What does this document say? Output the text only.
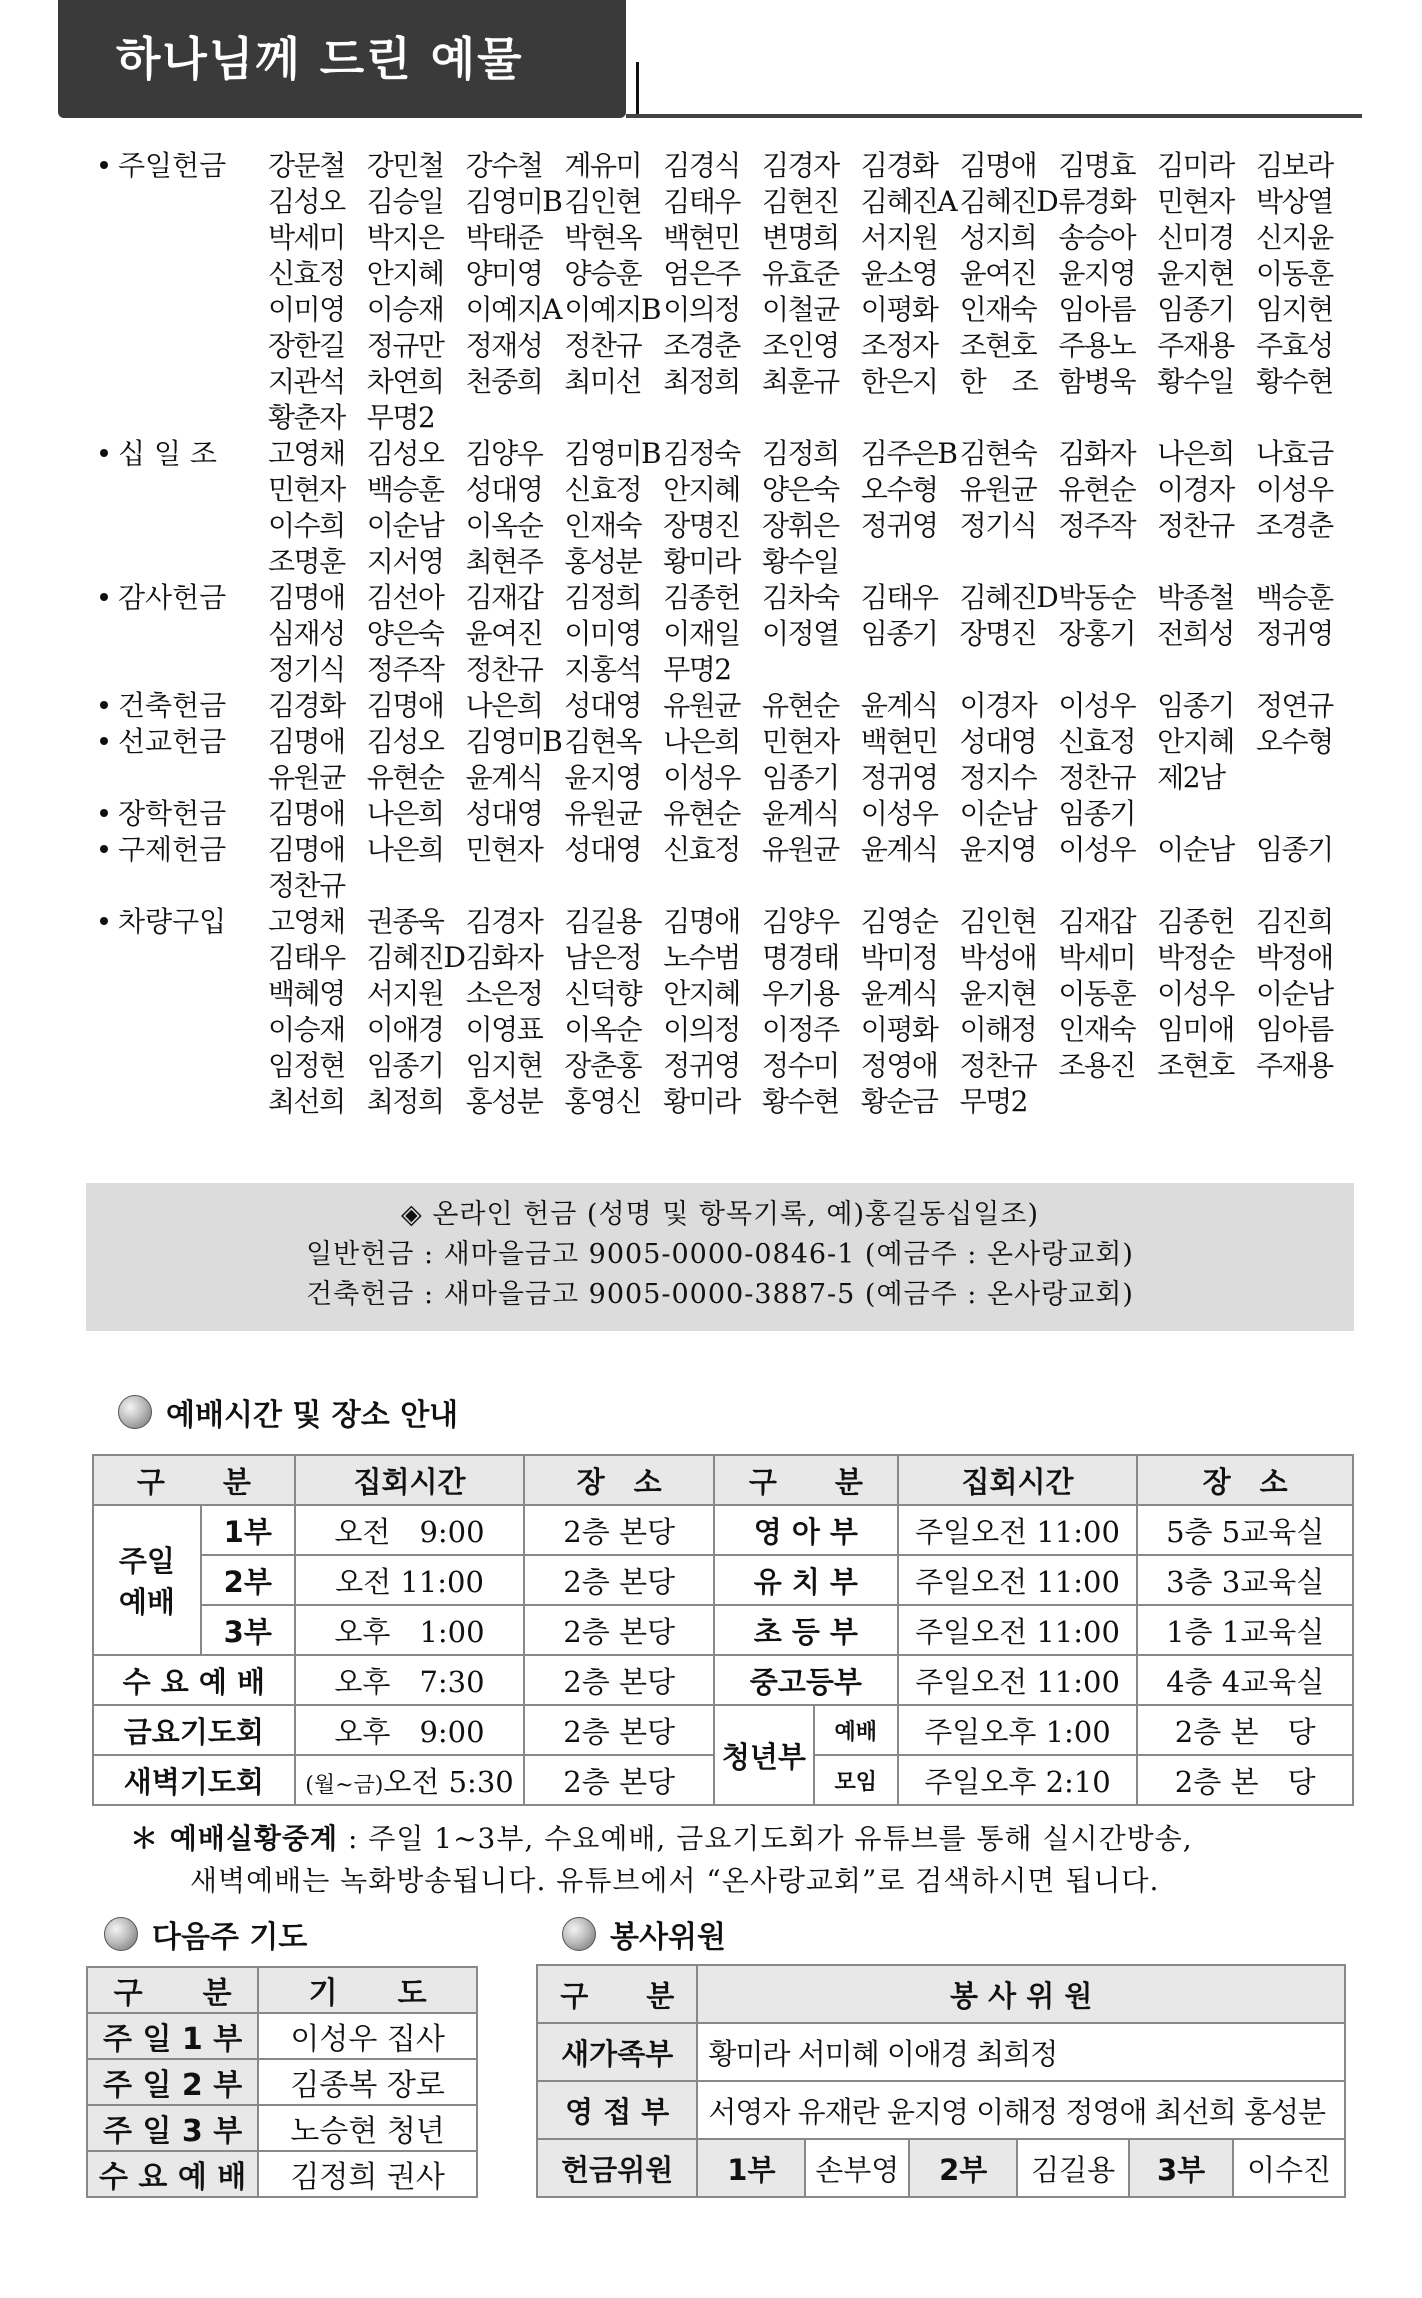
하나님께 드린 예물
주일헌금	강문철 강민철 강수철 계유미 김경식 김경자 김경화 김명애 김명효 김미라 김보라
김성오 김승일 김영미B 김인현 김태우 김현진 김혜진A 김혜진D 류경화 민현자 박상열
박세미 박지은 박태준 박현옥 백현민 변명희 서지원 성지희 송승아 신미경 신지윤
신효정 안지혜 양미영 양승훈 엄은주 유효준 윤소영 윤여진 윤지영 윤지현 이동훈
이미영 이승재 이예지A 이예지B 이의정 이철균 이평화 인재숙 임아름 임종기 임지현
장한길 정규만 정재성 정찬규 조경춘 조인영 조정자 조현호 주용노 주재용 주효성
지관석 차연희 천중희 최미선 최정희 최훈규 한은지 한　조 함병욱 황수일 황수현
황춘자 무명2
십 일 조	고영채 김성오 김양우 김영미B 김정숙 김정희 김주은B 김현숙 김화자 나은희 나효금
민현자 백승훈 성대영 신효정 안지혜 양은숙 오수형 유원균 유현순 이경자 이성우
이수희 이순남 이옥순 인재숙 장명진 장휘은 정귀영 정기식 정주작 정찬규 조경춘
조명훈 지서영 최현주 홍성분 황미라 황수일
감사헌금	김명애 김선아 김재갑 김정희 김종헌 김차숙 김태우 김혜진D 박동순 박종철 백승훈
심재성 양은숙 윤여진 이미영 이재일 이정열 임종기 장명진 장홍기 전희성 정귀영
정기식 정주작 정찬규 지홍석 무명2
건축헌금	김경화 김명애 나은희 성대영 유원균 유현순 윤계식 이경자 이성우 임종기 정연규
선교헌금	김명애 김성오 김영미B 김현옥 나은희 민현자 백현민 성대영 신효정 안지혜 오수형
유원균 유현순 윤계식 윤지영 이성우 임종기 정귀영 정지수 정찬규 제2남
장학헌금	김명애 나은희 성대영 유원균 유현순 윤계식 이성우 이순남 임종기
구제헌금	김명애 나은희 민현자 성대영 신효정 유원균 윤계식 윤지영 이성우 이순남 임종기
정찬규
차량구입	고영채 권종욱 김경자 김길용 김명애 김양우 김영순 김인현 김재갑 김종헌 김진희
김태우 김혜진D 김화자 남은정 노수범 명경태 박미정 박성애 박세미 박정순 박정애
백혜영 서지원 소은정 신덕향 안지혜 우기용 윤계식 윤지현 이동훈 이성우 이순남
이승재 이애경 이영표 이옥순 이의정 이정주 이평화 이해정 인재숙 임미애 임아름
임정현 임종기 임지현 장춘홍 정귀영 정수미 정영애 정찬규 조용진 조현호 주재용
최선희 최정희 홍성분 홍영신 황미라 황수현 황순금 무명2
◈ 온라인 헌금 (성명 및 항목기록, 예)홍길동십일조)
일반헌금 : 새마을금고 9005-0000-0846-1 (예금주 : 온사랑교회)
건축헌금 : 새마을금고 9005-0000-3887-5 (예금주 : 온사랑교회)
예배시간 및 장소 안내
구　　분		집회시간	장　소	구　　분		집회시간	장　소

주일
예배	1부	오전　9:00	2층 본당	영 아 부		주일오전 11:00	5층 5교육실
	2부	오전 11:00	2층 본당	유 치 부		주일오전 11:00	3층 3교육실
	3부	오후　1:00	2층 본당	초 등 부		주일오전 11:00	1층 1교육실
수 요 예 배		오후　7:30	2층 본당	중고등부		주일오전 11:00	4층 4교육실
금요기도회		오후　9:00	2층 본당	청년부	예배	주일오후 1:00	2층 본　당
새벽기도회		(월~금)오전 5:30	2층 본당		모임	주일오후 2:10	2층 본　당
＊ 예배실황중계 : 주일 1~3부, 수요예배, 금요기도회가 유튜브를 통해 실시간방송,
새벽예배는 녹화방송됩니다. 유튜브에서 “온사랑교회”로 검색하시면 됩니다.
다음주 기도
구　　분	기　　도
주 일 1 부	이성우 집사
주 일 2 부	김종복 장로
주 일 3 부	노승현 청년
수 요 예 배	김정희 권사
봉사위원
구　　분	봉 사 위 원					
새가족부	황미라 서미혜 이애경 최희정					
영 접 부	서영자 유재란 윤지영 이해정 정영애 최선희 홍성분					
헌금위원	1부	손부영	2부	김길용	3부	이수진
